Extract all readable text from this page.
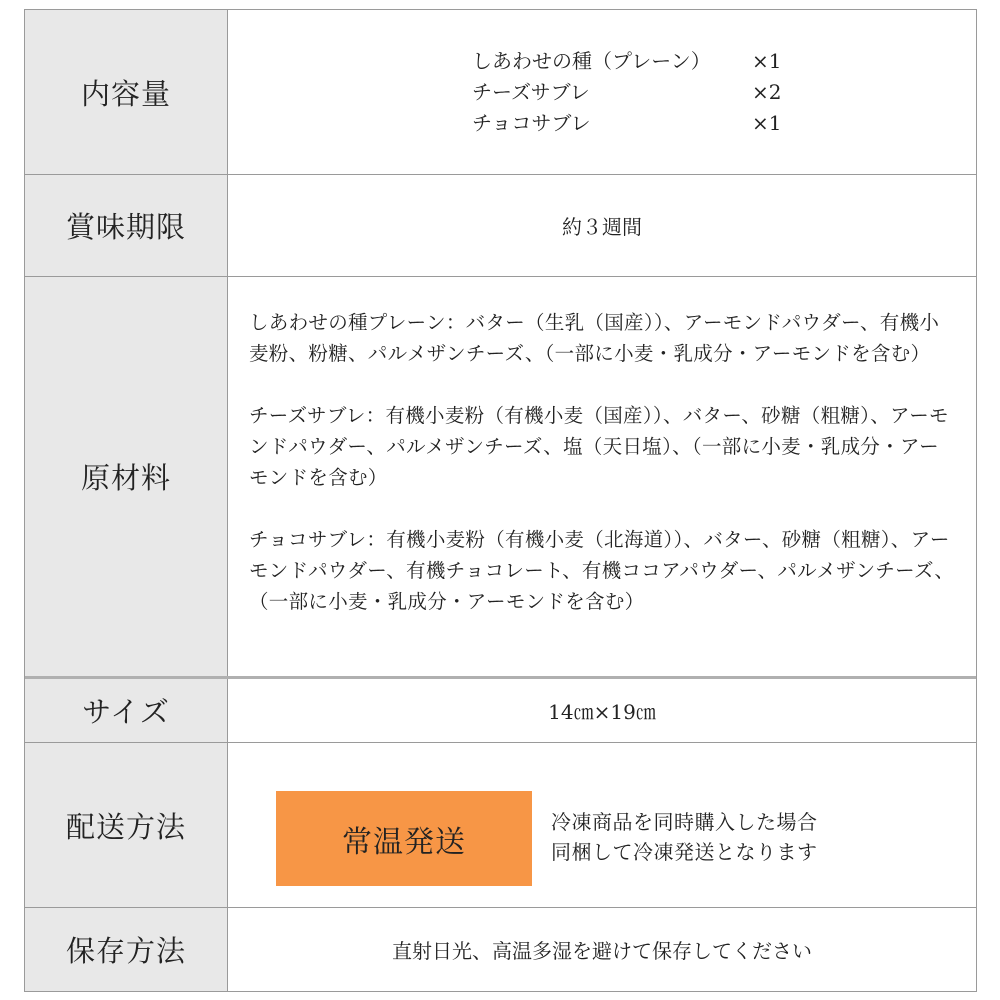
内容量
しあわせの種（プレーン）	×1
チーズサブレ	×2
チョコサブレ	×1
賞味期限	約３週間
原材料
しあわせの種プレーン：バター（生乳（国産））、アーモンドパウダー、有機小麦粉、粉糖、パルメザンチーズ、（一部に小麦・乳成分・アーモンドを含む）
チーズサブレ：有機小麦粉（有機小麦（国産））、バター、砂糖（粗糖）、アーモンドパウダー、パルメザンチーズ、塩（天日塩）、（一部に小麦・乳成分・アーモンドを含む）
チョコサブレ：有機小麦粉（有機小麦（北海道））、バター、砂糖（粗糖）、アーモンドパウダー、有機チョコレート、有機ココアパウダー、パルメザンチーズ、（一部に小麦・乳成分・アーモンドを含む）
サイズ	14㎝×19㎝
配送方法	常温発送
冷凍商品を同時購入した場合
同梱して冷凍発送となります
保存方法	直射日光、高温多湿を避けて保存してください
